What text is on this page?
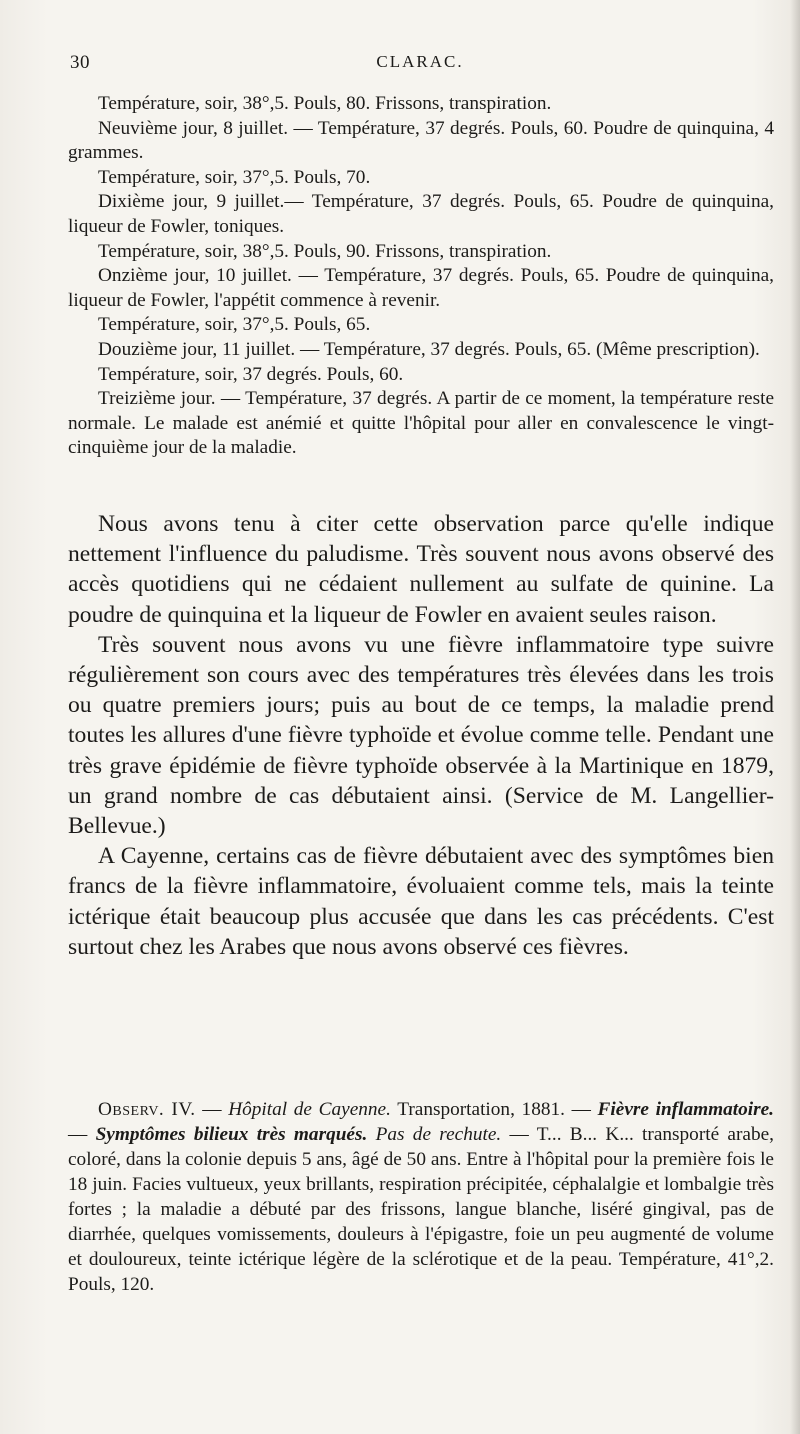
30	CLARAC.

Température, soir, 38°,5. Pouls, 80. Frissons, transpiration.

Neuvième jour, 8 juillet. — Température, 37 degrés. Pouls, 60. Poudre de quinquina, 4 grammes.

Température, soir, 37°,5. Pouls, 70.

Dixième jour, 9 juillet.— Température, 37 degrés. Pouls, 65. Poudre de quinquina, liqueur de Fowler, toniques.

Température, soir, 38°,5. Pouls, 90. Frissons, transpiration.

Onzième jour, 10 juillet. — Température, 37 degrés. Pouls, 65. Poudre de quinquina, liqueur de Fowler, l'appétit commence à revenir.

Température, soir, 37°,5. Pouls, 65.

Douzième jour, 11 juillet. — Température, 37 degrés. Pouls, 65. (Même prescription).

Température, soir, 37 degrés. Pouls, 60.

Treizième jour. — Température, 37 degrés. A partir de ce moment, la température reste normale. Le malade est anémié et quitte l'hôpital pour aller en convalescence le vingt-cinquième jour de la maladie.

Nous avons tenu à citer cette observation parce qu'elle indique nettement l'influence du paludisme. Très souvent nous avons observé des accès quotidiens qui ne cédaient nullement au sulfate de quinine. La poudre de quinquina et la liqueur de Fowler en avaient seules raison.

Très souvent nous avons vu une fièvre inflammatoire type suivre régulièrement son cours avec des températures très élevées dans les trois ou quatre premiers jours; puis au bout de ce temps, la maladie prend toutes les allures d'une fièvre typhoïde et évolue comme telle. Pendant une très grave épidémie de fièvre typhoïde observée à la Martinique en 1879, un grand nombre de cas débutaient ainsi. (Service de M. Langellier-Bellevue.)

A Cayenne, certains cas de fièvre débutaient avec des symptômes bien francs de la fièvre inflammatoire, évoluaient comme tels, mais la teinte ictérique était beaucoup plus accusée que dans les cas précédents. C'est surtout chez les Arabes que nous avons observé ces fièvres.

Observ. IV. — Hôpital de Cayenne. Transportation, 1881. — Fièvre inflammatoire. — Symptômes bilieux très marqués. Pas de rechute. — T... B... K... transporté arabe, coloré, dans la colonie depuis 5 ans, âgé de 50 ans. Entre à l'hôpital pour la première fois le 18 juin. Facies vultueux, yeux brillants, respiration précipitée, céphalalgie et lombalgie très fortes ; la maladie a débuté par des frissons, langue blanche, liséré gingival, pas de diarrhée, quelques vomissements, douleurs à l'épigastre, foie un peu augmenté de volume et douloureux, teinte ictérique légère de la sclérotique et de la peau. Température, 41°,2. Pouls, 120.
